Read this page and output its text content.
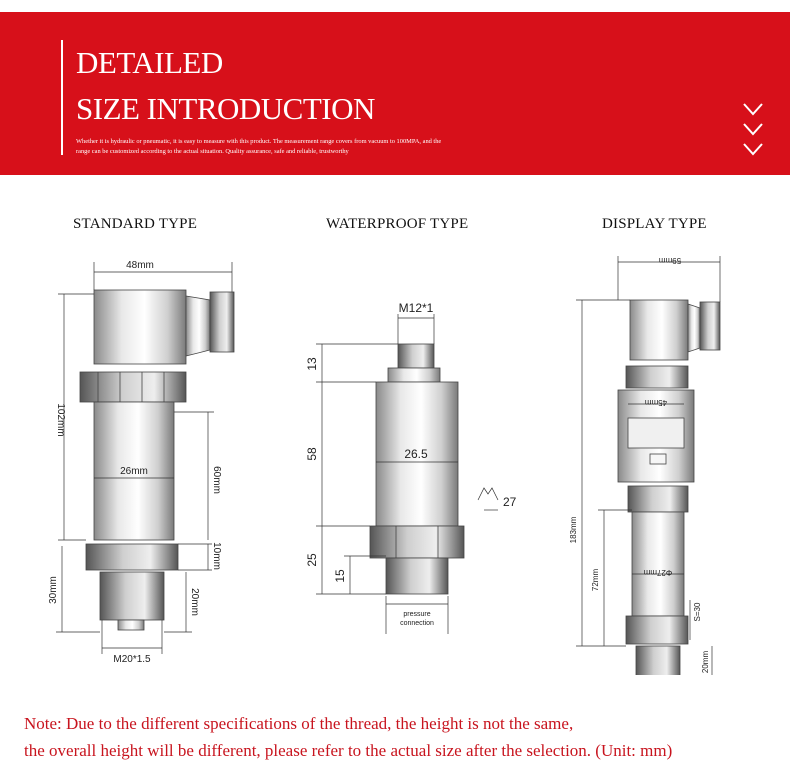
DETAILED
SIZE INTRODUCTION
Whether it is hydraulic or pneumatic, it is easy to measure with this product. The measurement range covers from vacuum to 100MPA, and the range can be customized according to the actual situation. Quality assurance, safe and reliable, trustworthy
STANDARD TYPE	WATERPROOF TYPE	DISPLAY TYPE
48mm
102mm
26mm	60mm
10mm
20mm
30mm
M20*1.5
M12*1
13
58	26.5
27
25
15
pressure
connection
59mm
45mm
183mm
72mm	Φ27mm
S=30
20mm
Note: Due to the different specifications of the thread, the height is not the same,
the overall height will be different, please refer to the actual size after the selection. (Unit: mm)
